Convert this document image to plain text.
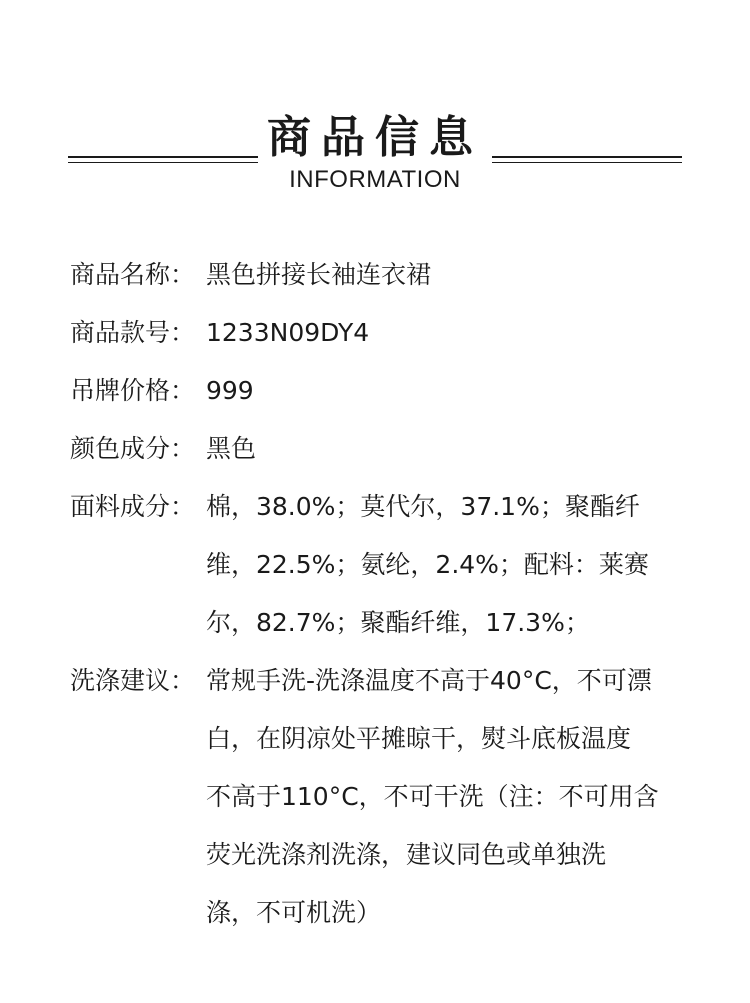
商品信息
INFORMATION
商品名称： 黑色拼接长袖连衣裙
商品款号： 1233N09DY4
吊牌价格： 999
颜色成分： 黑色
面料成分： 棉，38.0%；莫代尔，37.1%；聚酯纤
维，22.5%；氨纶，2.4%；配料：莱赛
尔，82.7%；聚酯纤维，17.3%；
洗涤建议： 常规手洗-洗涤温度不高于40°C，不可漂
白，在阴凉处平摊晾干，熨斗底板温度
不高于110°C，不可干洗（注：不可用含
荧光洗涤剂洗涤，建议同色或单独洗
涤，不可机洗）
